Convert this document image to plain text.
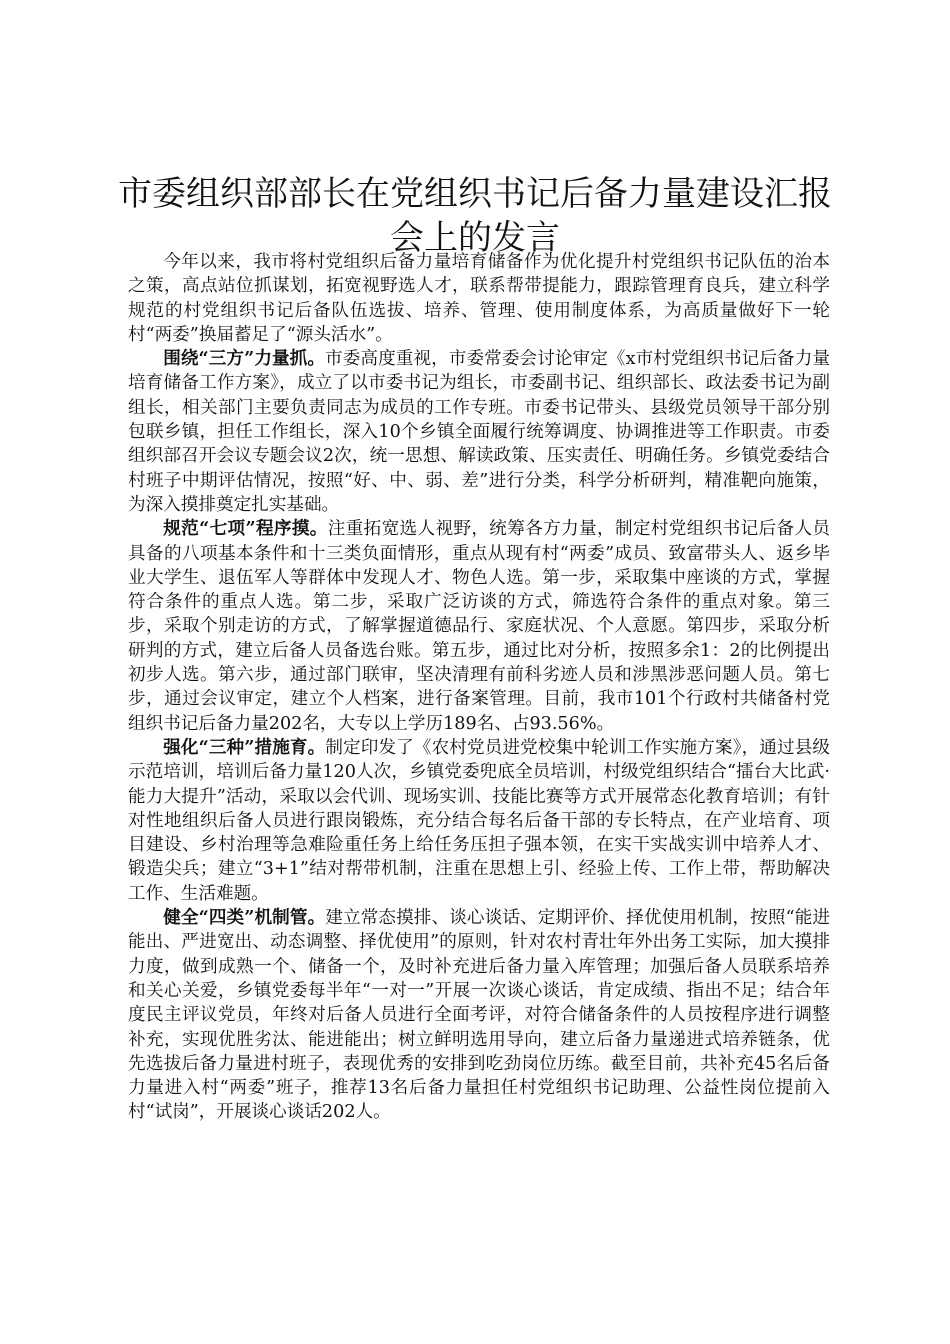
市委组织部部长在党组织书记后备力量建设汇报会上的发言

今年以来，我市将村党组织后备力量培育储备作为优化提升村党组织书记队伍的治本之策，高点站位抓谋划，拓宽视野选人才，联系帮带提能力，跟踪管理育良兵，建立科学规范的村党组织书记后备队伍选拔、培养、管理、使用制度体系，为高质量做好下一轮村“两委”换届蓄足了“源头活水”。

围绕“三方”力量抓。市委高度重视，市委常委会讨论审定《x市村党组织书记后备力量培育储备工作方案》，成立了以市委书记为组长，市委副书记、组织部长、政法委书记为副组长，相关部门主要负责同志为成员的工作专班。市委书记带头、县级党员领导干部分别包联乡镇，担任工作组长，深入10个乡镇全面履行统筹调度、协调推进等工作职责。市委组织部召开会议专题会议2次，统一思想、解读政策、压实责任、明确任务。乡镇党委结合村班子中期评估情况，按照“好、中、弱、差”进行分类，科学分析研判，精准靶向施策，为深入摸排奠定扎实基础。

规范“七项”程序摸。注重拓宽选人视野，统筹各方力量，制定村党组织书记后备人员具备的八项基本条件和十三类负面情形，重点从现有村“两委”成员、致富带头人、返乡毕业大学生、退伍军人等群体中发现人才、物色人选。第一步，采取集中座谈的方式，掌握符合条件的重点人选。第二步，采取广泛访谈的方式，筛选符合条件的重点对象。第三步，采取个别走访的方式，了解掌握道德品行、家庭状况、个人意愿。第四步，采取分析研判的方式，建立后备人员备选台账。第五步，通过比对分析，按照多余1：2的比例提出初步人选。第六步，通过部门联审，坚决清理有前科劣迹人员和涉黑涉恶问题人员。第七步，通过会议审定，建立个人档案，进行备案管理。目前，我市101个行政村共储备村党组织书记后备力量202名，大专以上学历189名、占93.56%。

强化“三种”措施育。制定印发了《农村党员进党校集中轮训工作实施方案》，通过县级示范培训，培训后备力量120人次，乡镇党委兜底全员培训，村级党组织结合“擂台大比武·能力大提升”活动，采取以会代训、现场实训、技能比赛等方式开展常态化教育培训；有针对性地组织后备人员进行跟岗锻炼，充分结合每名后备干部的专长特点，在产业培育、项目建设、乡村治理等急难险重任务上给任务压担子强本领，在实干实战实训中培养人才、锻造尖兵；建立“3+1”结对帮带机制，注重在思想上引、经验上传、工作上带，帮助解决工作、生活难题。

健全“四类”机制管。建立常态摸排、谈心谈话、定期评价、择优使用机制，按照“能进能出、严进宽出、动态调整、择优使用”的原则，针对农村青壮年外出务工实际，加大摸排力度，做到成熟一个、储备一个，及时补充进后备力量入库管理；加强后备人员联系培养和关心关爱，乡镇党委每半年“一对一”开展一次谈心谈话，肯定成绩、指出不足；结合年度民主评议党员，年终对后备人员进行全面考评，对符合储备条件的人员按程序进行调整补充，实现优胜劣汰、能进能出；树立鲜明选用导向，建立后备力量递进式培养链条，优先选拔后备力量进村班子，表现优秀的安排到吃劲岗位历练。截至目前，共补充45名后备力量进入村“两委”班子，推荐13名后备力量担任村党组织书记助理、公益性岗位提前入村“试岗”，开展谈心谈话202人。
